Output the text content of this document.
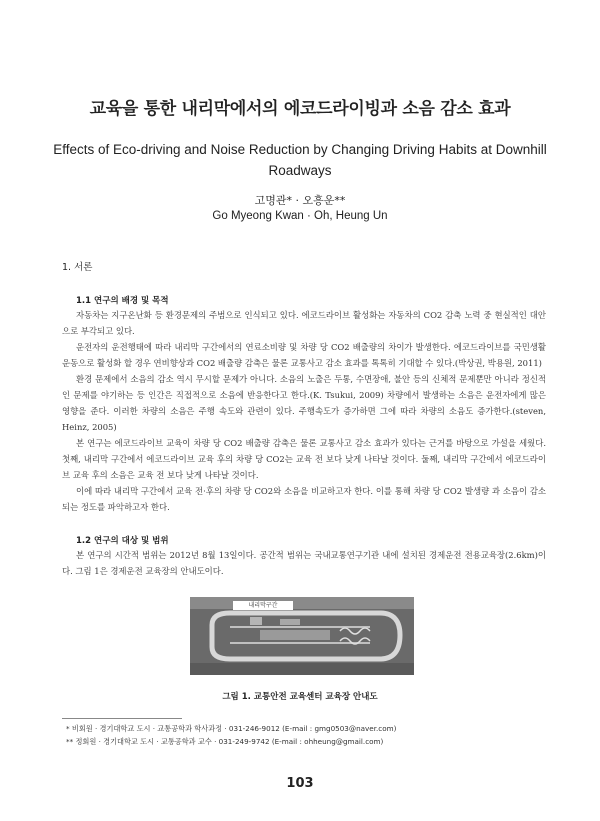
교육을 통한 내리막에서의 에코드라이빙과 소음 감소 효과
Effects of Eco-driving and Noise Reduction by Changing Driving Habits at Downhill Roadways
고명관* · 오흥운**
Go Myeong Kwan · Oh, Heung Un
1. 서론
1.1 연구의 배경 및 목적

자동차는 지구온난화 등 환경문제의 주범으로 인식되고 있다. 에코드라이브 활성화는 자동차의 CO2 감축 노력 중 현실적인 대안으로 부각되고 있다.

운전자의 운전행태에 따라 내리막 구간에서의 연료소비량 및 차량 당 CO2 배출량의 차이가 발생한다. 에코드라이브를 국민생활운동으로 활성화 할 경우 연비향상과 CO2 배출량 감축은 물론 교통사고 감소 효과를 톡톡히 기대할 수 있다.(박상권, 박용원, 2011)

환경 문제에서 소음의 감소 역시 무시할 문제가 아니다. 소음의 노출은 두통, 수면장애, 불안 등의 신체적 문제뿐만 아니라 정신적인 문제를 야기하는 등 인간은 직접적으로 소음에 반응한다고 한다.(K. Tsukui, 2009) 차량에서 발생하는 소음은 운전자에게 많은 영향을 준다. 이러한 차량의 소음은 주행 속도와 관련이 있다. 주행속도가 증가하면 그에 따라 차량의 소음도 증가한다.(steven, Heinz, 2005)

본 연구는 에코드라이브 교육이 차량 당 CO2 배출량 감축은 물론 교통사고 감소 효과가 있다는 근거를 바탕으로 가설을 세웠다. 첫째, 내리막 구간에서 에코드라이브 교육 후의 차량 당 CO2는 교육 전 보다 낮게 나타날 것이다. 둘째, 내리막 구간에서 에코드라이브 교육 후의 소음은 교육 전 보다 낮게 나타날 것이다.

이에 따라 내리막 구간에서 교육 전·후의 차량 당 CO2와 소음을 비교하고자 한다. 이를 통해 차량 당 CO2 발생량 과 소음이 감소되는 정도를 파악하고자 한다.

1.2 연구의 대상 및 범위

본 연구의 시간적 범위는 2012년 8월 13일이다. 공간적 범위는 국내교통연구기관 내에 설치된 경제운전 전용교육장(2.6km)이다. 그림 1은 경제운전 교육장의 안내도이다.

내리막구간
그림 1. 교통안전 교육센터 교육장 안내도
* 비회원 · 경기대학교 도시 · 교통공학과 학사과정 · 031-246-9012 (E-mail : gmg0503@naver.com)
** 정회원 · 경기대학교 도시 · 교통공학과 교수 · 031-249-9742 (E-mail : ohheung@gmail.com)
103
